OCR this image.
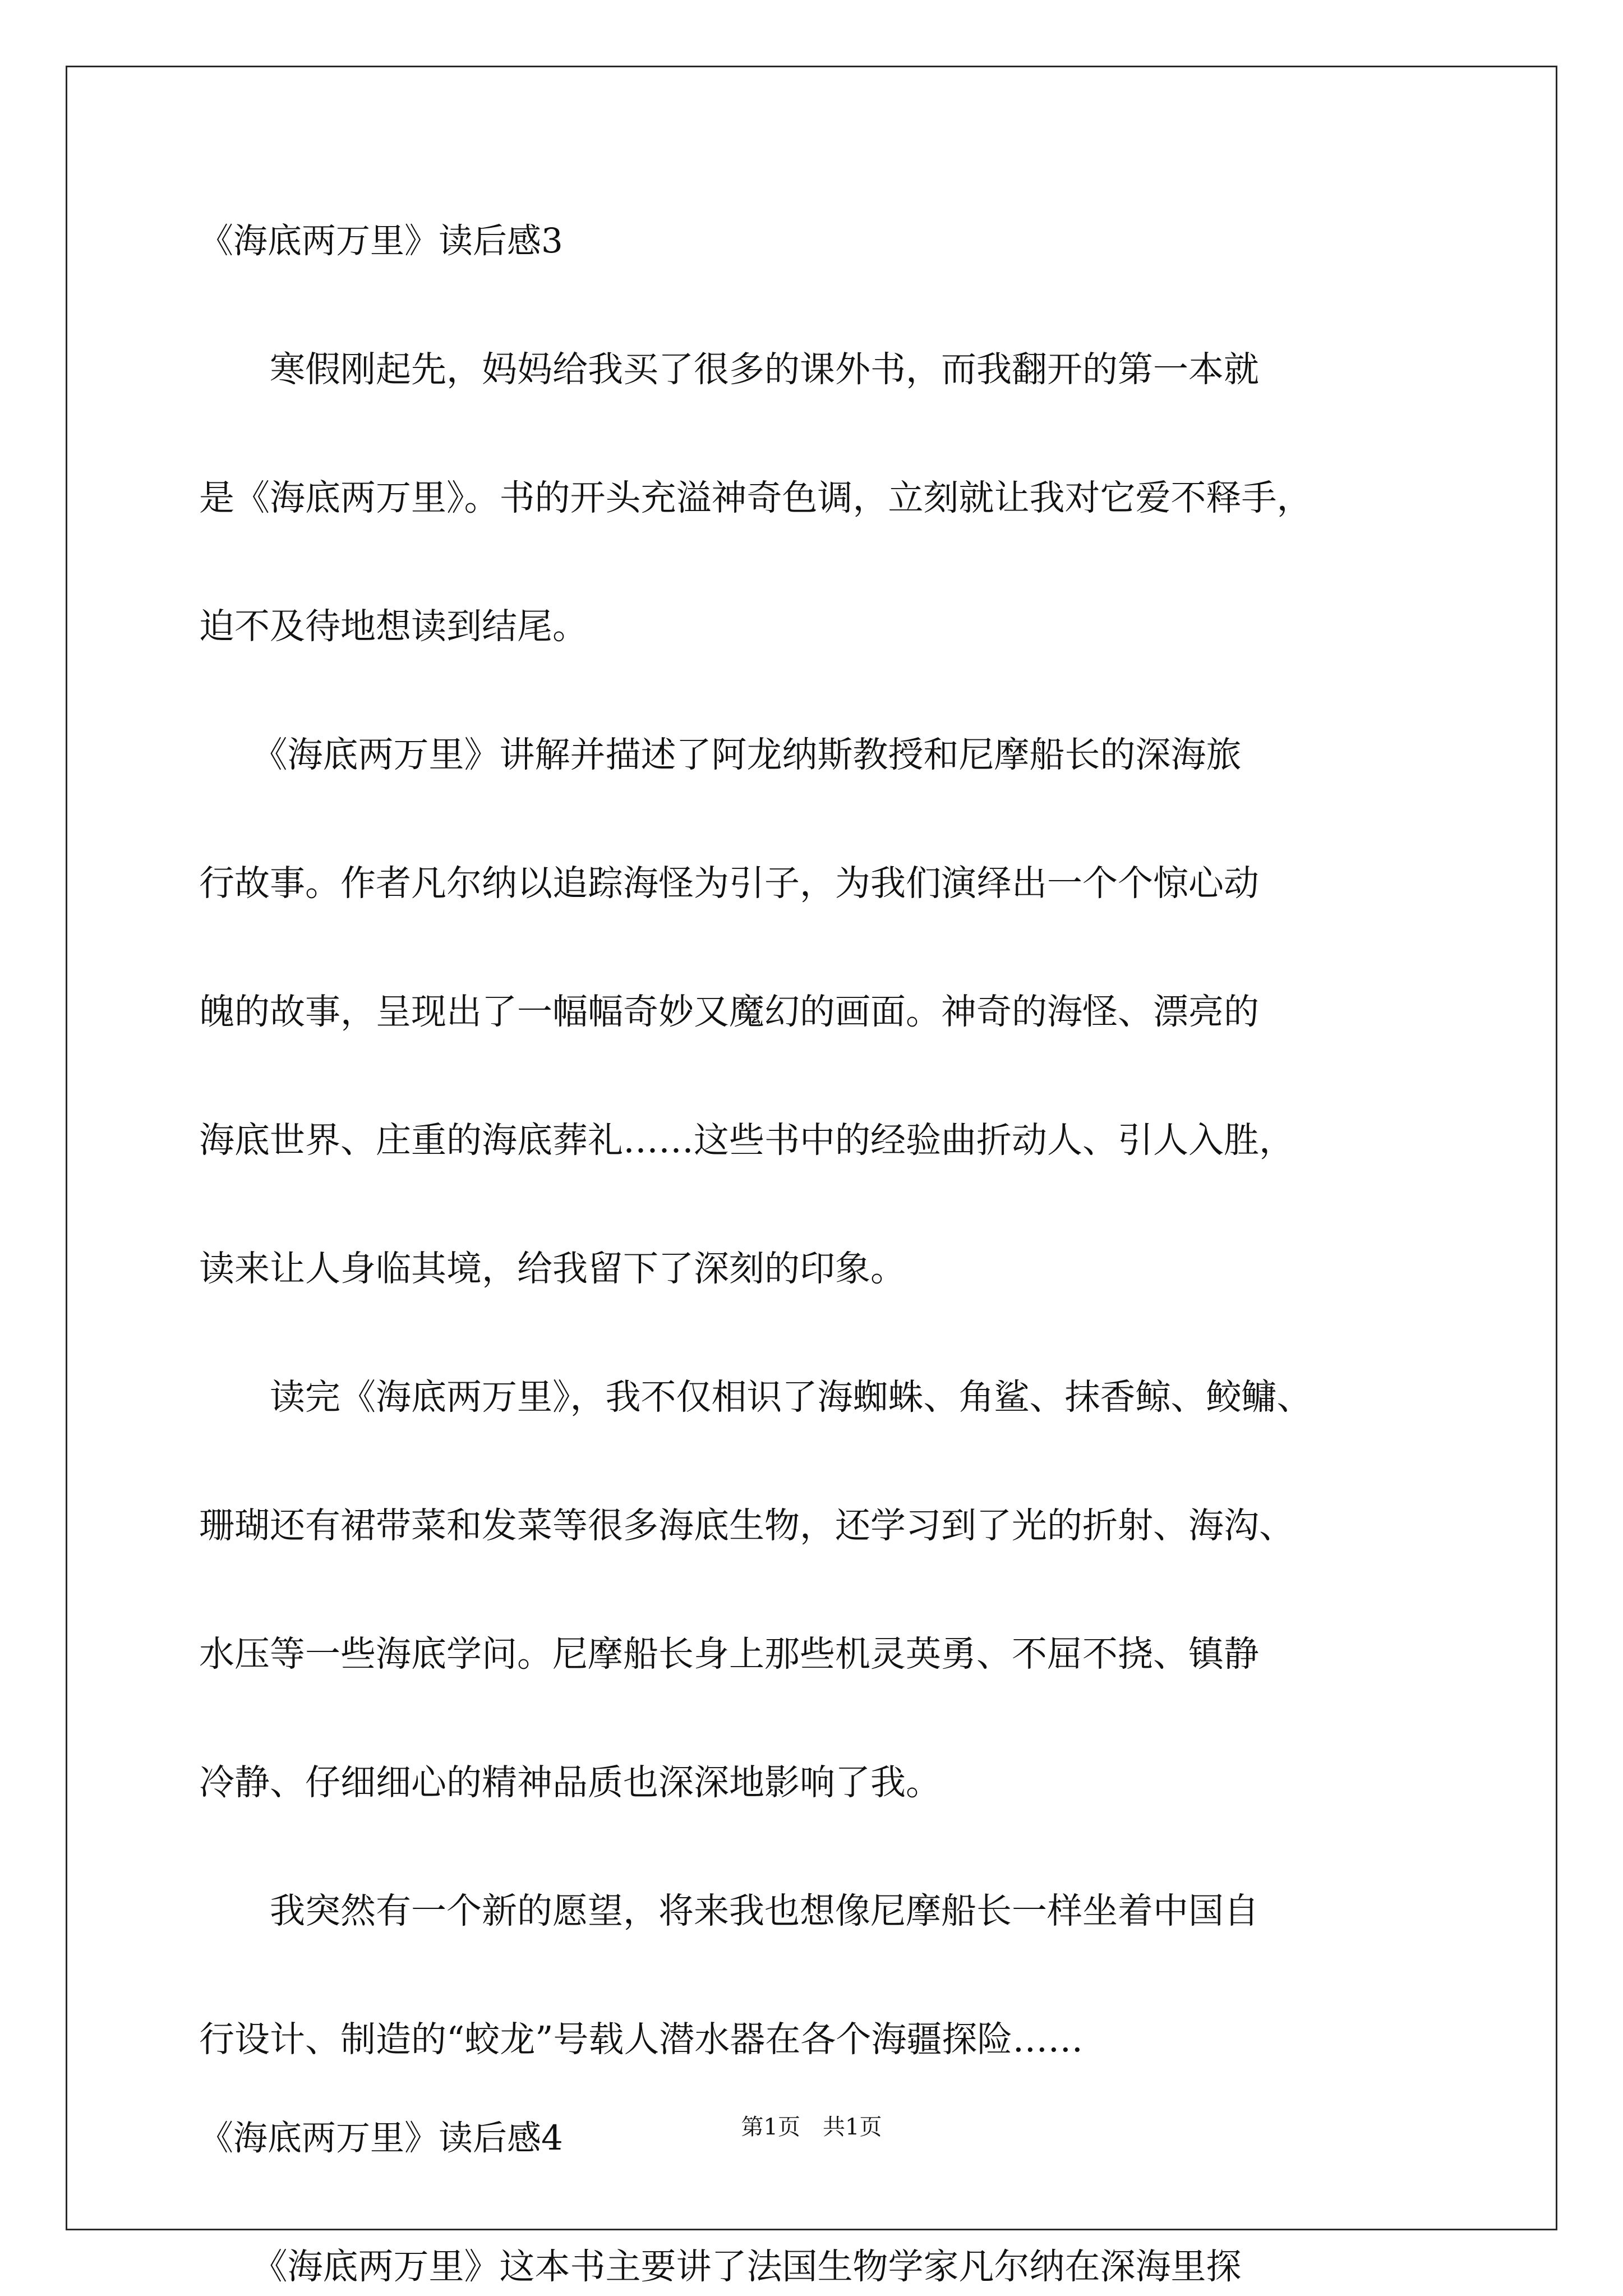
《海底两万里》读后感3
　　寒假刚起先，妈妈给我买了很多的课外书，而我翻开的第一本就
是《海底两万里》。书的开头充溢神奇色调，立刻就让我对它爱不释手，
迫不及待地想读到结尾。
　　《海底两万里》讲解并描述了阿龙纳斯教授和尼摩船长的深海旅
行故事。作者凡尔纳以追踪海怪为引子，为我们演绎出一个个惊心动
魄的故事，呈现出了一幅幅奇妙又魔幻的画面。神奇的海怪、漂亮的
海底世界、庄重的海底葬礼……这些书中的经验曲折动人、引人入胜，
读来让人身临其境，给我留下了深刻的印象。
　　读完《海底两万里》，我不仅相识了海蜘蛛、角鲨、抹香鲸、鲛鳙、
珊瑚还有裙带菜和发菜等很多海底生物，还学习到了光的折射、海沟、
水压等一些海底学问。尼摩船长身上那些机灵英勇、不屈不挠、镇静
冷静、仔细细心的精神品质也深深地影响了我。
　　我突然有一个新的愿望，将来我也想像尼摩船长一样坐着中国自
行设计、制造的“蛟龙”号载人潜水器在各个海疆探险……
《海底两万里》读后感4
　　《海底两万里》这本书主要讲了法国生物学家凡尔纳在深海里探
第1页　共1页
